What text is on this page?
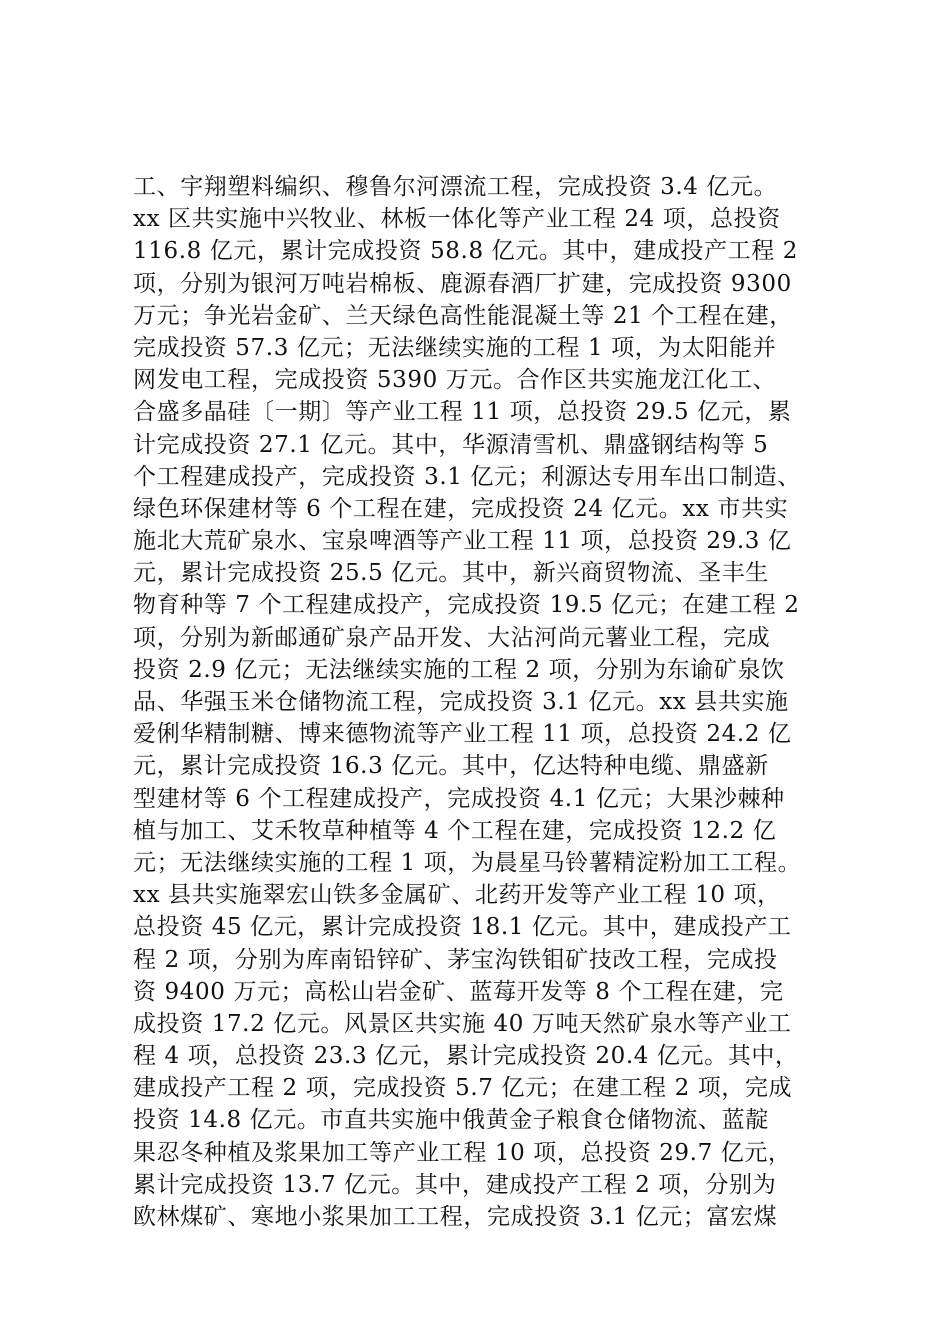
工、宇翔塑料编织、穆鲁尔河漂流工程，完成投资 3.4 亿元。
xx 区共实施中兴牧业、林板一体化等产业工程 24 项，总投资
116.8 亿元，累计完成投资 58.8 亿元。其中，建成投产工程 2
项，分别为银河万吨岩棉板、鹿源春酒厂扩建，完成投资 9300
万元；争光岩金矿、兰天绿色高性能混凝土等 21 个工程在建，
完成投资 57.3 亿元；无法继续实施的工程 1 项，为太阳能并
网发电工程，完成投资 5390 万元。合作区共实施龙江化工、
合盛多晶硅〔一期〕等产业工程 11 项，总投资 29.5 亿元，累
计完成投资 27.1 亿元。其中，华源清雪机、鼎盛钢结构等 5
个工程建成投产，完成投资 3.1 亿元；利源达专用车出口制造、
绿色环保建材等 6 个工程在建，完成投资 24 亿元。xx 市共实
施北大荒矿泉水、宝泉啤酒等产业工程 11 项，总投资 29.3 亿
元，累计完成投资 25.5 亿元。其中，新兴商贸物流、圣丰生
物育种等 7 个工程建成投产，完成投资 19.5 亿元；在建工程 2
项，分别为新邮通矿泉产品开发、大沾河尚元薯业工程，完成
投资 2.9 亿元；无法继续实施的工程 2 项，分别为东谕矿泉饮
品、华强玉米仓储物流工程，完成投资 3.1 亿元。xx 县共实施
爱俐华精制糖、博来德物流等产业工程 11 项，总投资 24.2 亿
元，累计完成投资 16.3 亿元。其中，亿达特种电缆、鼎盛新
型建材等 6 个工程建成投产，完成投资 4.1 亿元；大果沙棘种
植与加工、艾禾牧草种植等 4 个工程在建，完成投资 12.2 亿
元；无法继续实施的工程 1 项，为晨星马铃薯精淀粉加工工程。
xx 县共实施翠宏山铁多金属矿、北药开发等产业工程 10 项，
总投资 45 亿元，累计完成投资 18.1 亿元。其中，建成投产工
程 2 项，分别为库南铅锌矿、茅宝沟铁钼矿技改工程，完成投
资 9400 万元；高松山岩金矿、蓝莓开发等 8 个工程在建，完
成投资 17.2 亿元。风景区共实施 40 万吨天然矿泉水等产业工
程 4 项，总投资 23.3 亿元，累计完成投资 20.4 亿元。其中，
建成投产工程 2 项，完成投资 5.7 亿元；在建工程 2 项，完成
投资 14.8 亿元。市直共实施中俄黄金子粮食仓储物流、蓝靛
果忍冬种植及浆果加工等产业工程 10 项，总投资 29.7 亿元，
累计完成投资 13.7 亿元。其中，建成投产工程 2 项，分别为
欧林煤矿、寒地小浆果加工工程，完成投资 3.1 亿元；富宏煤
